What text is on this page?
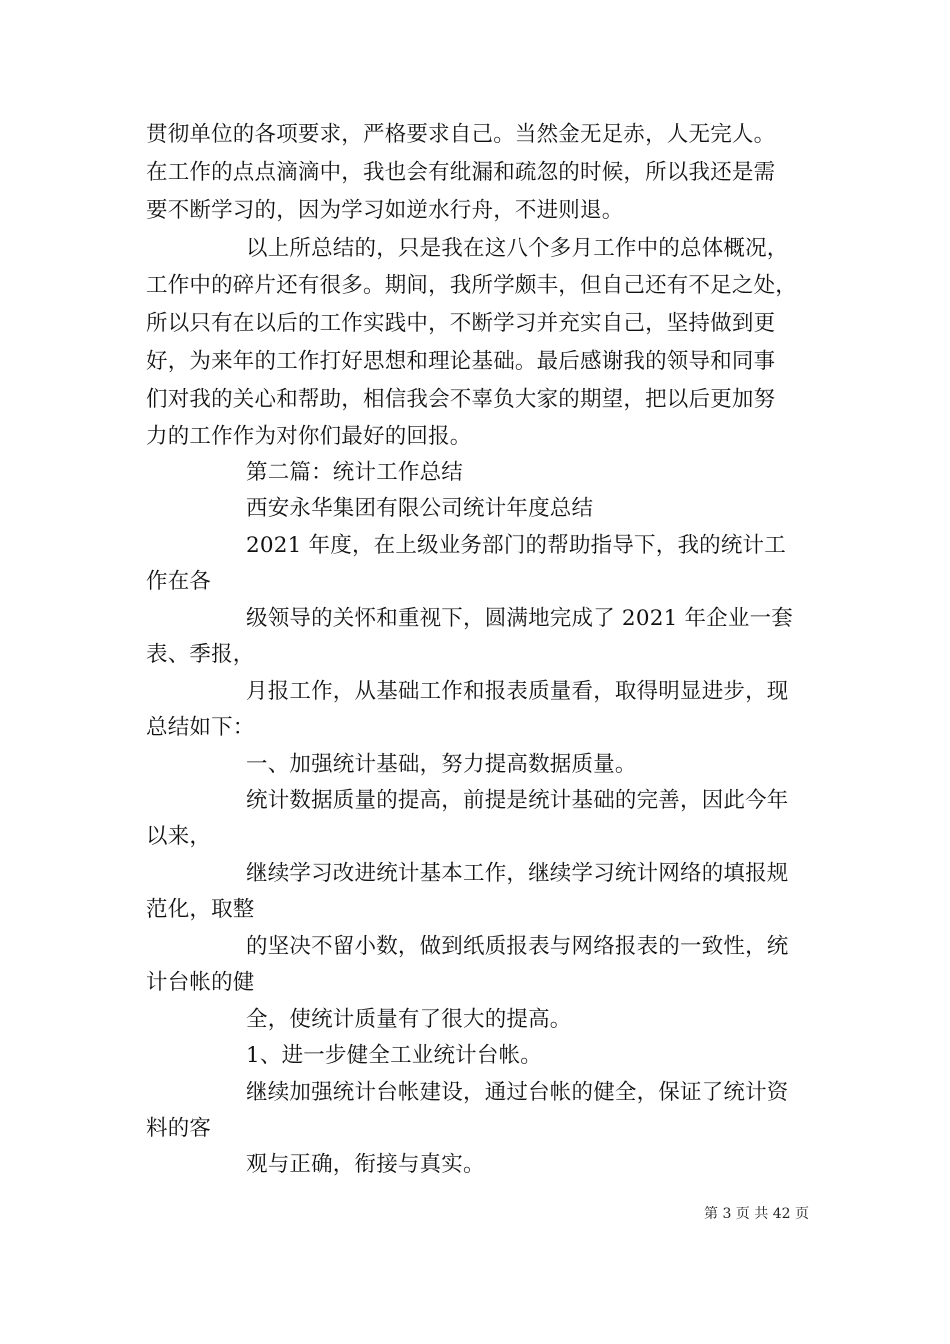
贯彻单位的各项要求，严格要求自己。当然金无足赤，人无完人。
在工作的点点滴滴中，我也会有纰漏和疏忽的时候，所以我还是需
要不断学习的，因为学习如逆水行舟，不进则退。
以上所总结的，只是我在这八个多月工作中的总体概况，
工作中的碎片还有很多。期间，我所学颇丰，但自己还有不足之处，
所以只有在以后的工作实践中，不断学习并充实自己，坚持做到更
好，为来年的工作打好思想和理论基础。最后感谢我的领导和同事
们对我的关心和帮助，相信我会不辜负大家的期望，把以后更加努
力的工作作为对你们最好的回报。
第二篇：统计工作总结
西安永华集团有限公司统计年度总结
2021 年度，在上级业务部门的帮助指导下，我的统计工
作在各
级领导的关怀和重视下，圆满地完成了 2021 年企业一套
表、季报，
月报工作，从基础工作和报表质量看，取得明显进步，现
总结如下：
一、加强统计基础，努力提高数据质量。
统计数据质量的提高，前提是统计基础的完善，因此今年
以来，
继续学习改进统计基本工作，继续学习统计网络的填报规
范化，取整
的坚决不留小数，做到纸质报表与网络报表的一致性，统
计台帐的健
全，使统计质量有了很大的提高。
1、进一步健全工业统计台帐。
继续加强统计台帐建设，通过台帐的健全，保证了统计资
料的客
观与正确，衔接与真实。
第 3 页 共 42 页
